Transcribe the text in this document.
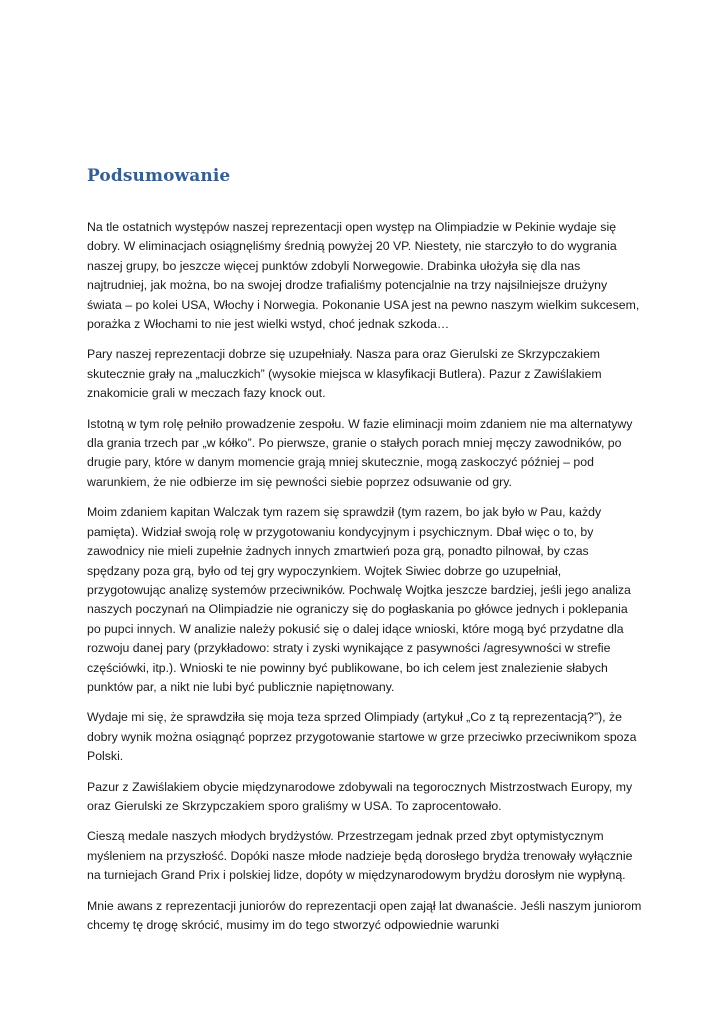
Podsumowanie

Na tle ostatnich występów naszej reprezentacji open występ na Olimpiadzie w Pekinie wydaje się dobry. W eliminacjach osiągnęliśmy średnią powyżej 20 VP. Niestety, nie starczyło to do wygrania naszej grupy, bo jeszcze więcej punktów zdobyli Norwegowie. Drabinka ułożyła się dla nas najtrudniej, jak można, bo na swojej drodze trafialiśmy potencjalnie na trzy najsilniejsze drużyny świata – po kolei USA, Włochy i Norwegia. Pokonanie USA jest na pewno naszym wielkim sukcesem, porażka z Włochami to nie jest wielki wstyd, choć jednak szkoda…

Pary naszej reprezentacji dobrze się uzupełniały. Nasza para oraz Gierulski ze Skrzypczakiem skutecznie grały na „maluczkich” (wysokie miejsca w klasyfikacji Butlera). Pazur z Zawiślakiem znakomicie grali w meczach fazy knock out.

Istotną w tym rolę pełniło prowadzenie zespołu. W fazie eliminacji moim zdaniem nie ma alternatywy dla grania trzech par „w kółko”. Po pierwsze, granie o stałych porach mniej męczy zawodników, po drugie pary, które w danym momencie grają mniej skutecznie, mogą zaskoczyć później – pod warunkiem, że nie odbierze im się pewności siebie poprzez odsuwanie od gry.

Moim zdaniem kapitan Walczak tym razem się sprawdził (tym razem, bo jak było w Pau, każdy pamięta). Widział swoją rolę w przygotowaniu kondycyjnym i psychicznym. Dbał więc o to, by zawodnicy nie mieli zupełnie żadnych innych zmartwień poza grą, ponadto pilnował, by czas spędzany poza grą, było od tej gry wypoczynkiem. Wojtek Siwiec dobrze go uzupełniał, przygotowując analizę systemów przeciwników. Pochwalę Wojtka jeszcze bardziej, jeśli jego analiza naszych poczynań na Olimpiadzie nie ograniczy się do pogłaskania po główce jednych i poklepania po pupci innych. W analizie należy pokusić się o dalej idące wnioski, które mogą być przydatne dla rozwoju danej pary (przykładowo: straty i zyski wynikające z pasywności /agresywności w strefie częściówki, itp.). Wnioski te nie powinny być publikowane, bo ich celem jest znalezienie słabych punktów par, a nikt nie lubi być publicznie napiętnowany.

Wydaje mi się, że sprawdziła się moja teza sprzed Olimpiady (artykuł „Co z tą reprezentacją?”), że dobry wynik można osiągnąć poprzez przygotowanie startowe w grze przeciwko przeciwnikom spoza Polski.

Pazur z Zawiślakiem obycie międzynarodowe zdobywali na tegorocznych Mistrzostwach Europy, my oraz Gierulski ze Skrzypczakiem sporo graliśmy w USA. To zaprocentowało.

Cieszą medale naszych młodych brydżystów. Przestrzegam jednak przed zbyt optymistycznym myśleniem na przyszłość. Dopóki nasze młode nadzieje będą dorosłego brydża trenowały wyłącznie na turniejach Grand Prix i polskiej lidze, dopóty w międzynarodowym brydżu dorosłym nie wypłyną.

Mnie awans z reprezentacji juniorów do reprezentacji open zajął lat dwanaście. Jeśli naszym juniorom chcemy tę drogę skrócić, musimy im do tego stworzyć odpowiednie warunki
